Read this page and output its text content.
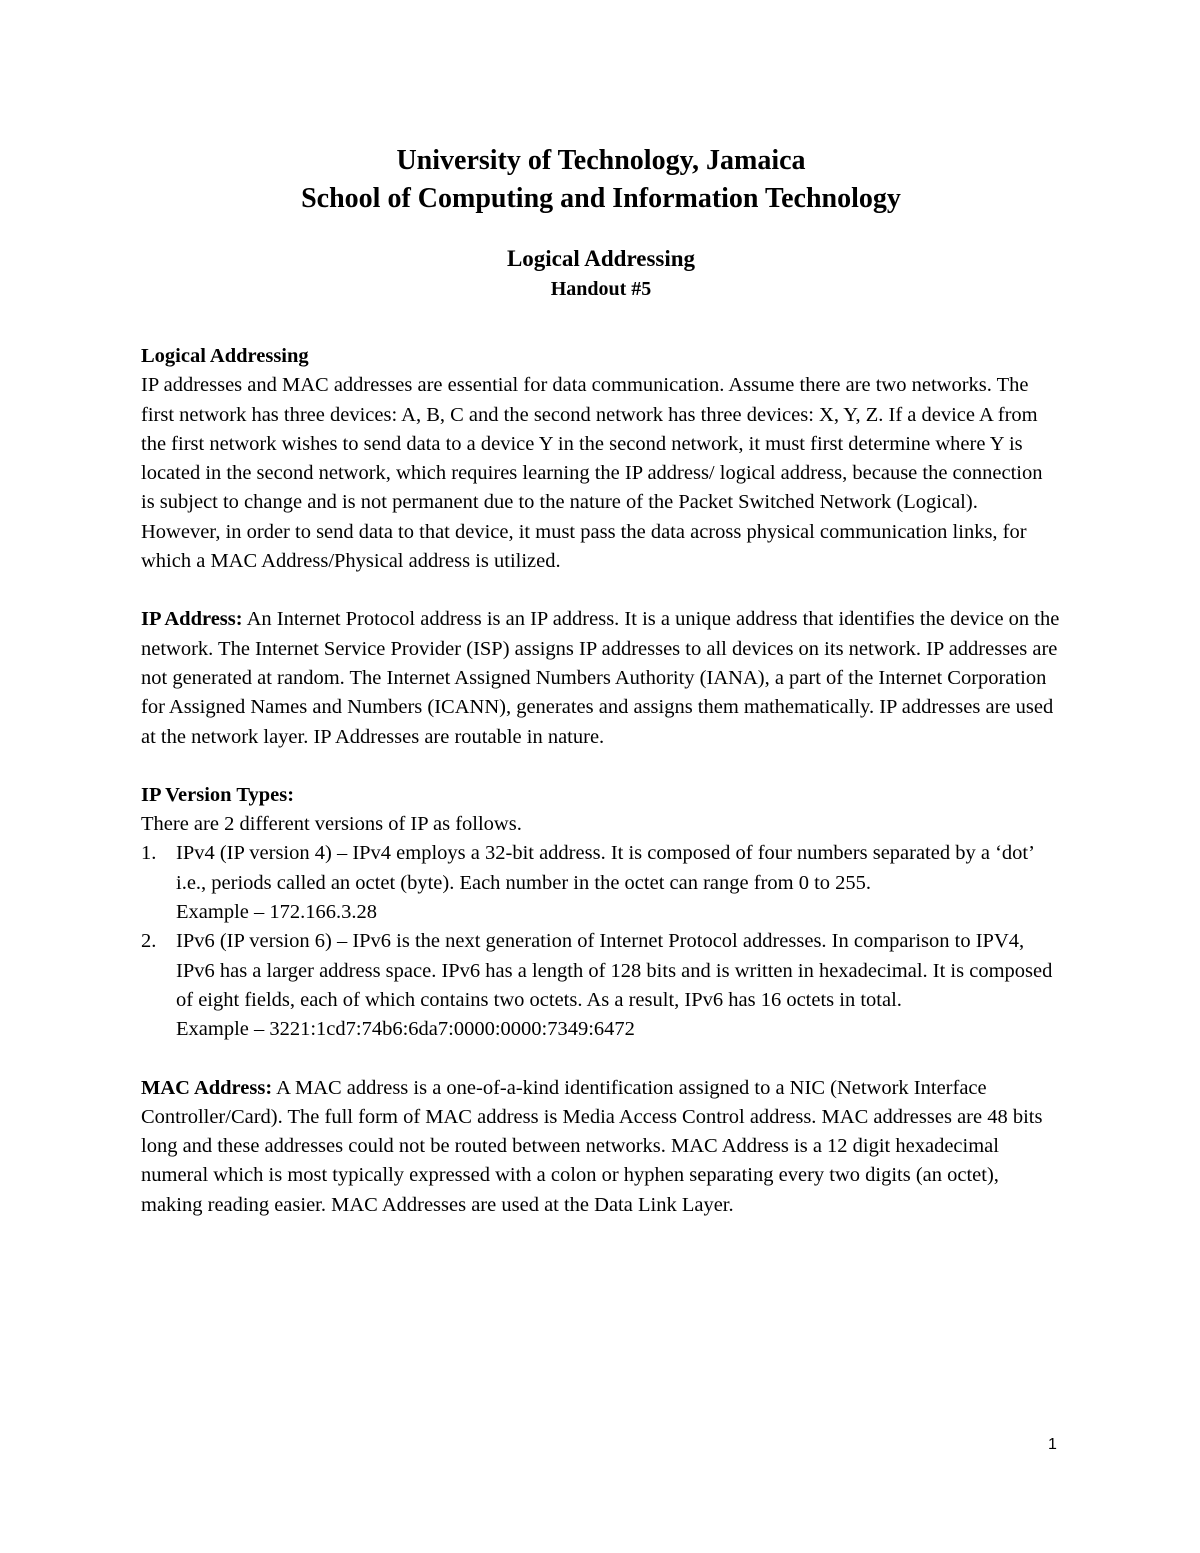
University of Technology, Jamaica

School of Computing and Information Technology

Logical Addressing

Handout #5

Logical Addressing

IP addresses and MAC addresses are essential for data communication. Assume there are two networks. The first network has three devices: A, B, C and the second network has three devices: X, Y, Z. If a device A from the first network wishes to send data to a device Y in the second network, it must first determine where Y is located in the second network, which requires learning the IP address/ logical address, because the connection is subject to change and is not permanent due to the nature of the Packet Switched Network (Logical). However, in order to send data to that device, it must pass the data across physical communication links, for which a MAC Address/Physical address is utilized.

IP Address: An Internet Protocol address is an IP address. It is a unique address that identifies the device on the network. The Internet Service Provider (ISP) assigns IP addresses to all devices on its network. IP addresses are not generated at random. The Internet Assigned Numbers Authority (IANA), a part of the Internet Corporation for Assigned Names and Numbers (ICANN), generates and assigns them mathematically. IP addresses are used at the network layer. IP Addresses are routable in nature.

IP Version Types:

There are 2 different versions of IP as follows.

1. IPv4 (IP version 4) – IPv4 employs a 32-bit address. It is composed of four numbers separated by a ‘dot’ i.e., periods called an octet (byte). Each number in the octet can range from 0 to 255.
Example – 172.166.3.28
2. IPv6 (IP version 6) – IPv6 is the next generation of Internet Protocol addresses. In comparison to IPV4, IPv6 has a larger address space. IPv6 has a length of 128 bits and is written in hexadecimal. It is composed of eight fields, each of which contains two octets. As a result, IPv6 has 16 octets in total.
Example – 3221:1cd7:74b6:6da7:0000:0000:7349:6472

MAC Address: A MAC address is a one-of-a-kind identification assigned to a NIC (Network Interface Controller/Card). The full form of MAC address is Media Access Control address. MAC addresses are 48 bits long and these addresses could not be routed between networks. MAC Address is a 12 digit hexadecimal numeral which is most typically expressed with a colon or hyphen separating every two digits (an octet), making reading easier. MAC Addresses are used at the Data Link Layer.

1
